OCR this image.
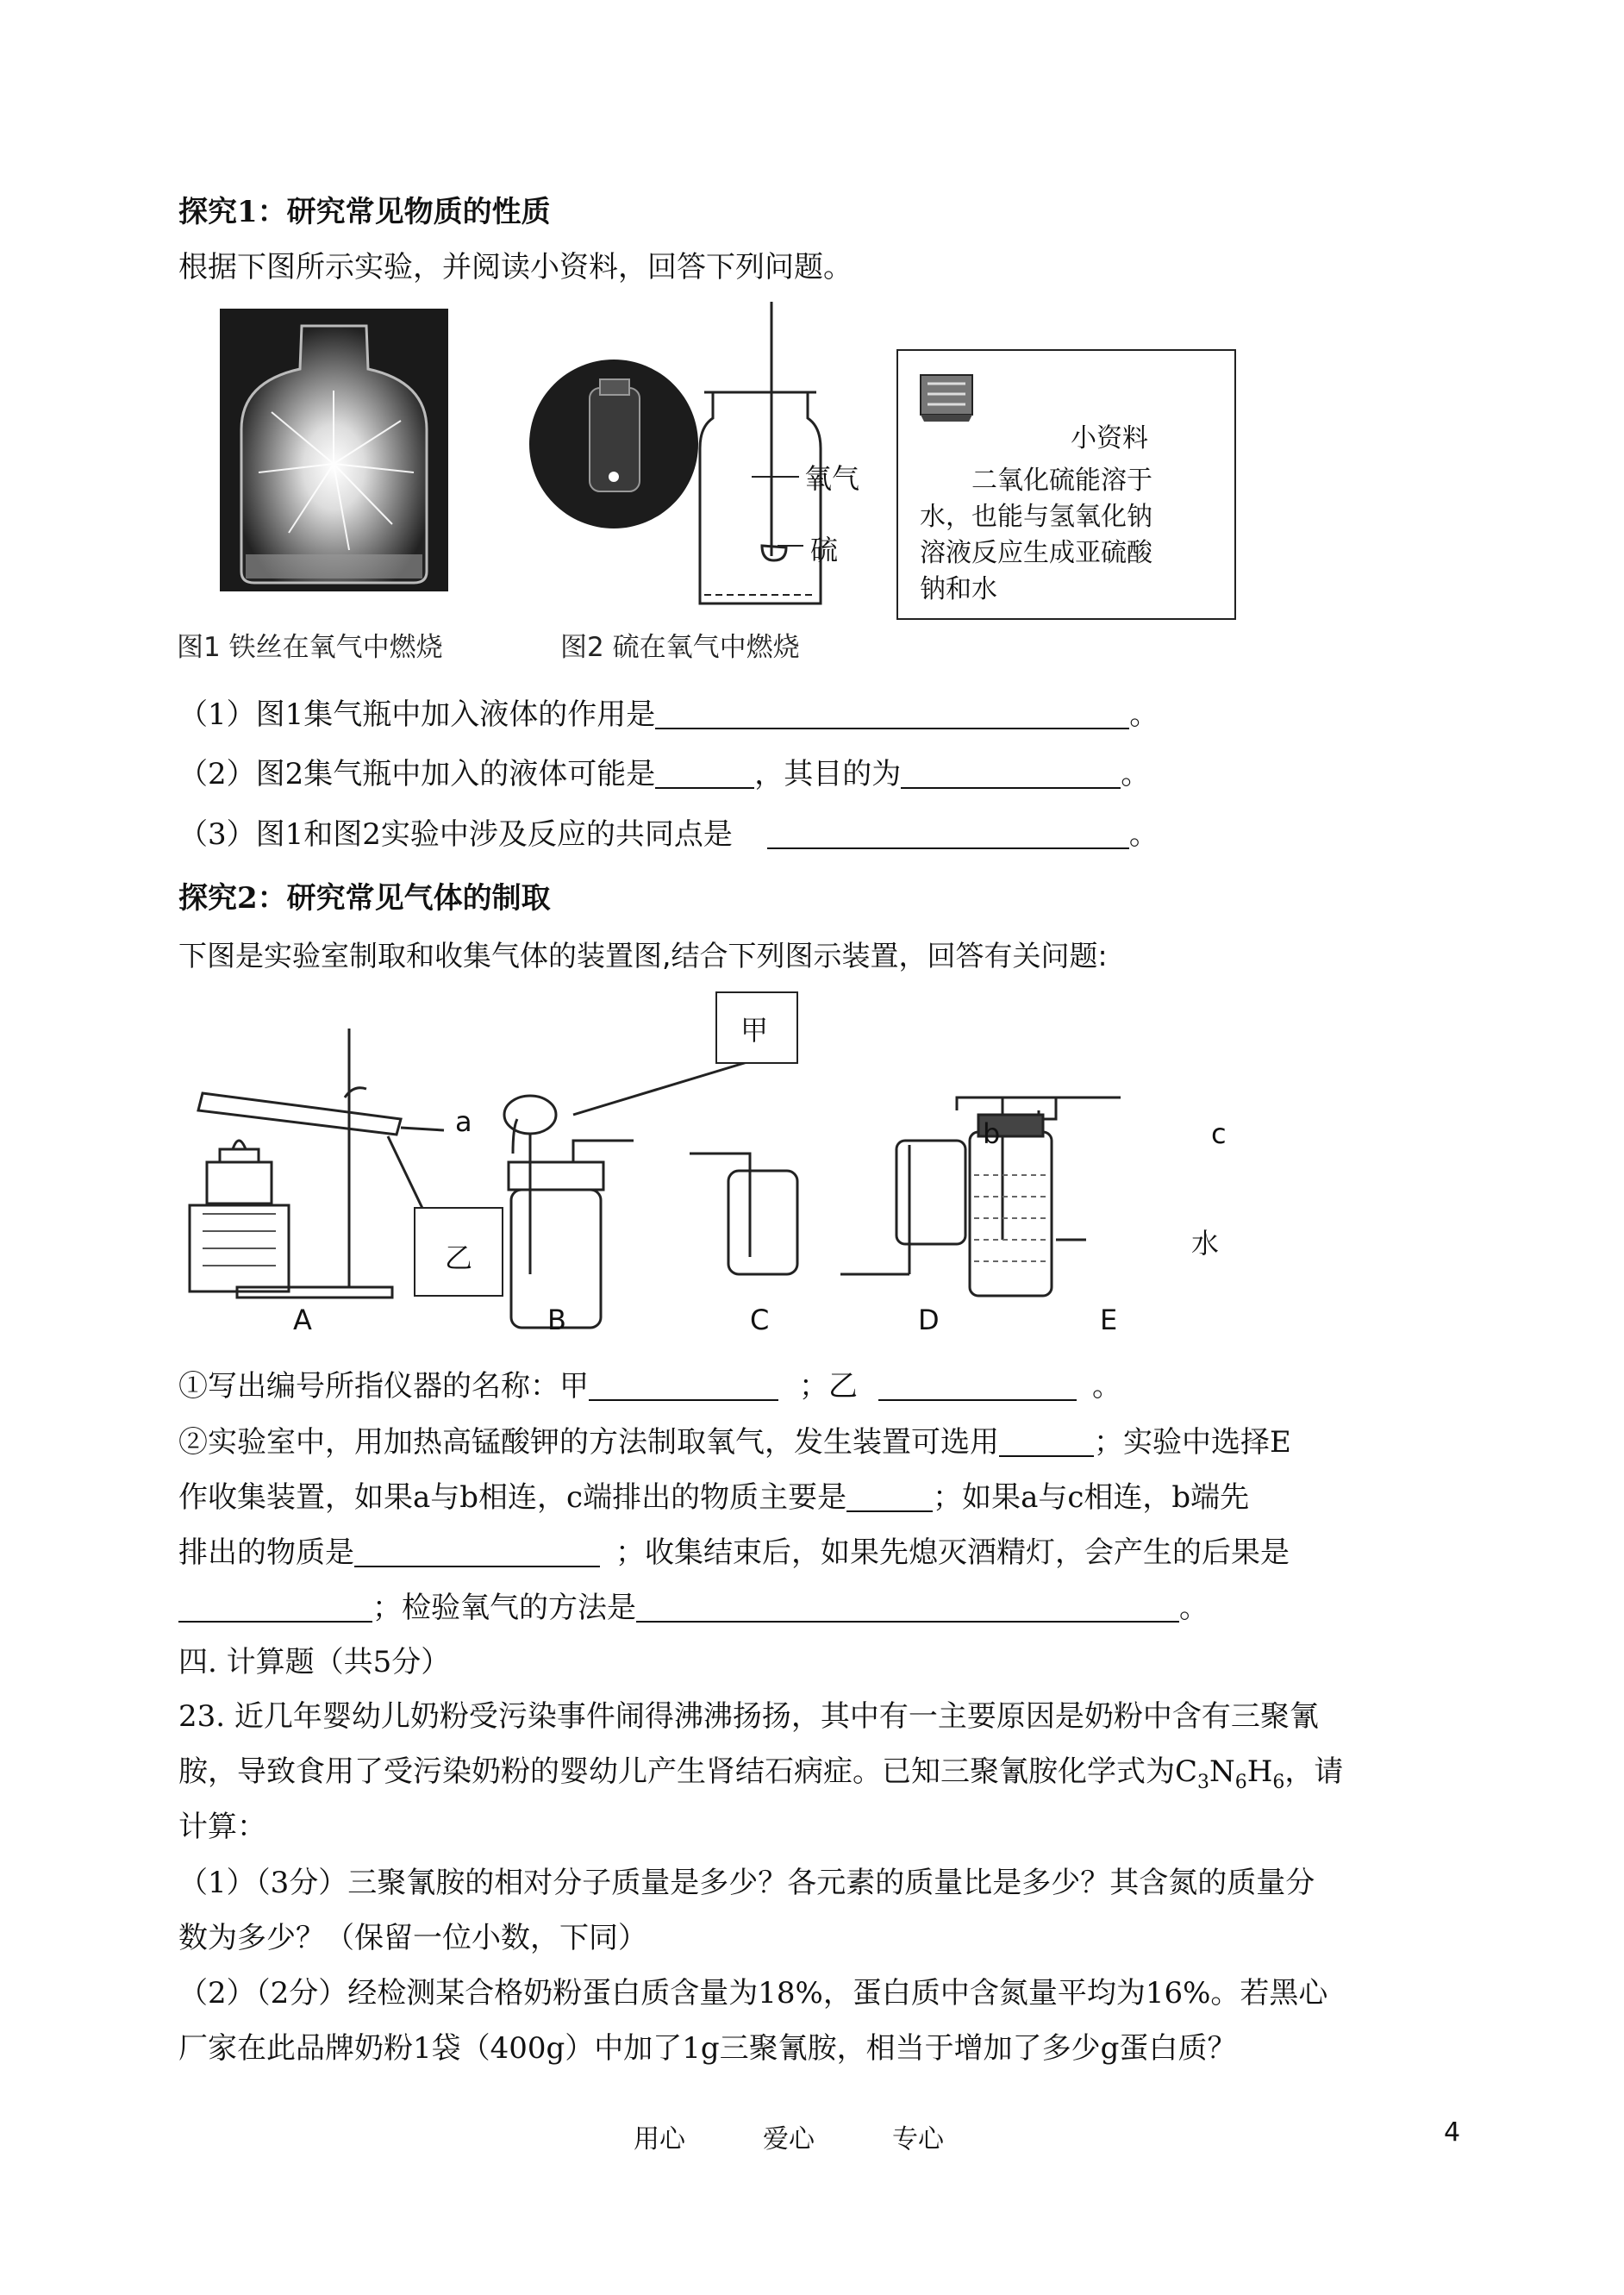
探究1：研究常见物质的性质
根据下图所示实验，并阅读小资料，回答下列问题。
氧气
硫
小资料
二氧化硫能溶于
水，也能与氢氧化钠
溶液反应生成亚硫酸
钠和水
图1 铁丝在氧气中燃烧	图2 硫在氧气中燃烧
（1）图1集气瓶中加入液体的作用是	。
（2）图2集气瓶中加入的液体可能是	，其目的为	。
（3）图1和图2实验中涉及反应的共同点是	。
探究2：研究常见气体的制取
下图是实验室制取和收集气体的装置图,结合下列图示装置，回答有关问题:
甲
乙
a	b	c
水
A	B	C	D	E
①写出编号所指仪器的名称：甲	；乙	。
②实验室中，用加热高锰酸钾的方法制取氧气，发生装置可选用	；实验中选择E
作收集装置，如果a与b相连，c端排出的物质主要是	；如果a与c相连，b端先
排出的物质是	；收集结束后，如果先熄灭酒精灯，会产生的后果是
；检验氧气的方法是	。
四. 计算题（共5分）
23. 近几年婴幼儿奶粉受污染事件闹得沸沸扬扬，其中有一主要原因是奶粉中含有三聚氰
胺，导致食用了受污染奶粉的婴幼儿产生肾结石病症。已知三聚氰胺化学式为$C_3N_6H_6$，请
计算：
（1）（3分）三聚氰胺的相对分子质量是多少？各元素的质量比是多少？其含氮的质量分
数为多少？（保留一位小数，下同）
（2）（2分）经检测某合格奶粉蛋白质含量为18%，蛋白质中含氮量平均为16%。若黑心
厂家在此品牌奶粉1袋（400g）中加了1g三聚氰胺，相当于增加了多少g蛋白质？
用心	爱心	专心	4
